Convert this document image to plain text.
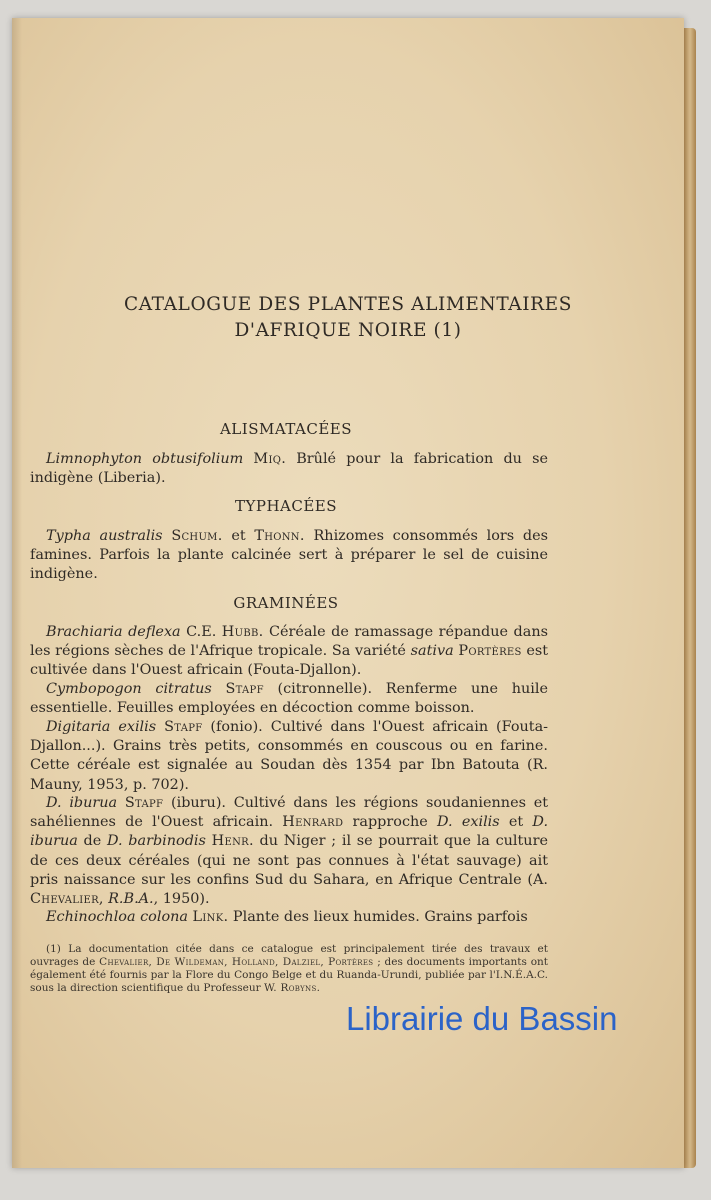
CATALOGUE DES PLANTES ALIMENTAIRES
D'AFRIQUE NOIRE (1)
ALISMATACÉES
Limnophyton obtusifolium Miq. Brûlé pour la fabrication du se indigène (Liberia).
TYPHACÉES
Typha australis Schum. et Thonn. Rhizomes consommés lors des famines. Parfois la plante calcinée sert à préparer le sel de cuisine indigène.
GRAMINÉES
Brachiaria deflexa C.E. Hubb. Céréale de ramassage répandue dans les régions sèches de l'Afrique tropicale. Sa variété sativa Portères est cultivée dans l'Ouest africain (Fouta-Djallon).
Cymbopogon citratus Stapf (citronnelle). Renferme une huile essentielle. Feuilles employées en décoction comme boisson.
Digitaria exilis Stapf (fonio). Cultivé dans l'Ouest africain (Fouta-Djallon...). Grains très petits, consommés en couscous ou en farine. Cette céréale est signalée au Soudan dès 1354 par Ibn Batouta (R. Mauny, 1953, p. 702).
D. iburua Stapf (iburu). Cultivé dans les régions soudaniennes et sahéliennes de l'Ouest africain. Henrard rapproche D. exilis et D. iburua de D. barbinodis Henr. du Niger ; il se pourrait que la culture de ces deux céréales (qui ne sont pas connues à l'état sauvage) ait pris naissance sur les confins Sud du Sahara, en Afrique Centrale (A. Chevalier, R.B.A., 1950).
Echinochloa colona Link. Plante des lieux humides. Grains parfois
(1) La documentation citée dans ce catalogue est principalement tirée des travaux et ouvrages de Chevalier, De Wildeman, Holland, Dalziel, Portères ; des documents importants ont également été fournis par la Flore du Congo Belge et du Ruanda-Urundi, publiée par l'I.N.É.A.C. sous la direction scientifique du Professeur W. Robyns.
Librairie du Bassin
